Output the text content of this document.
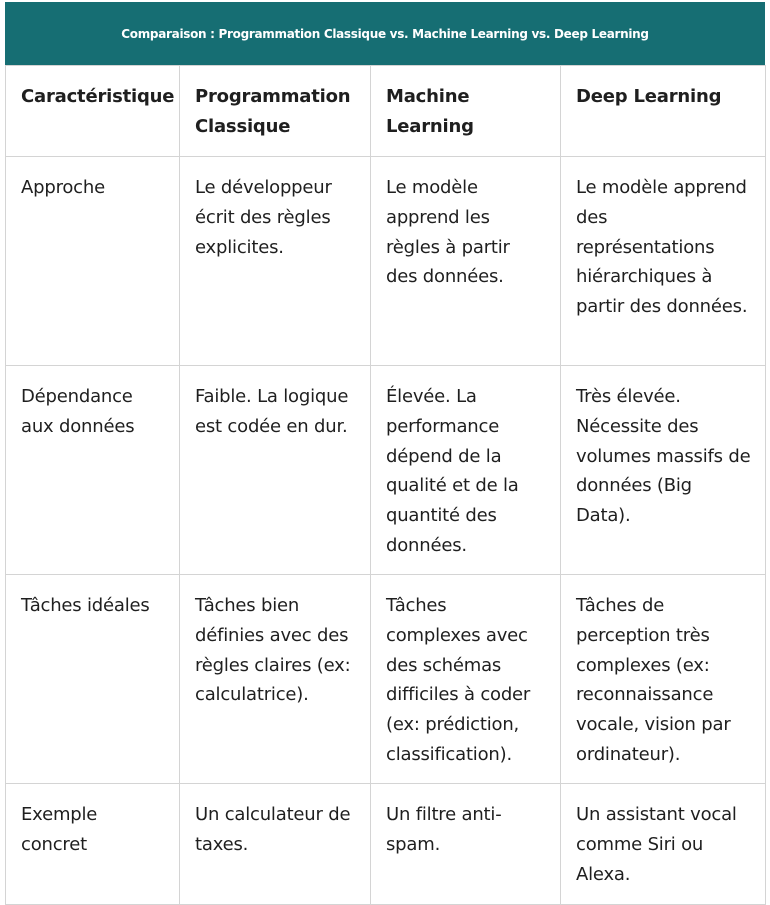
Comparaison : Programmation Classique vs. Machine Learning vs. Deep Learning
Caractéristique	Programmation Classique	Machine Learning	Deep Learning
Approche	Le développeur écrit des règles explicites.	Le modèle apprend les règles à partir des données.	Le modèle apprend des représentations hiérarchiques à partir des données.
Dépendance aux données	Faible. La logique est codée en dur.	Élevée. La performance dépend de la qualité et de la quantité des données.	Très élevée. Nécessite des volumes massifs de données (Big Data).
Tâches idéales	Tâches bien définies avec des règles claires (ex: calculatrice).	Tâches complexes avec des schémas difficiles à coder (ex: prédiction, classification).	Tâches de perception très complexes (ex: reconnaissance vocale, vision par ordinateur).
Exemple concret	Un calculateur de taxes.	Un filtre anti-spam.	Un assistant vocal comme Siri ou Alexa.
